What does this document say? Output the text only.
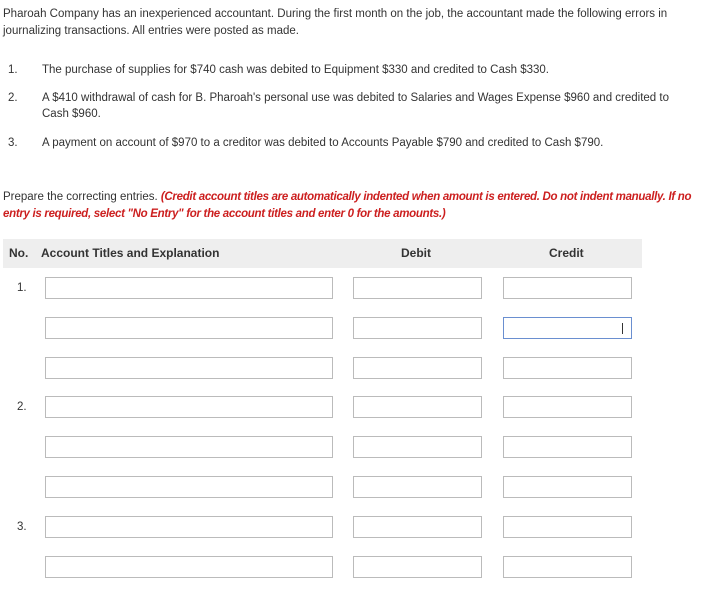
Pharoah Company has an inexperienced accountant. During the first month on the job, the accountant made the following errors in journalizing transactions. All entries were posted as made.
1. The purchase of supplies for $740 cash was debited to Equipment $330 and credited to Cash $330.
2. A $410 withdrawal of cash for B. Pharoah's personal use was debited to Salaries and Wages Expense $960 and credited to Cash $960.
3. A payment on account of $970 to a creditor was debited to Accounts Payable $790 and credited to Cash $790.
Prepare the correcting entries. (Credit account titles are automatically indented when amount is entered. Do not indent manually. If no entry is required, select "No Entry" for the account titles and enter 0 for the amounts.)
No. Account Titles and Explanation	Debit	Credit
1.
2.
3.
